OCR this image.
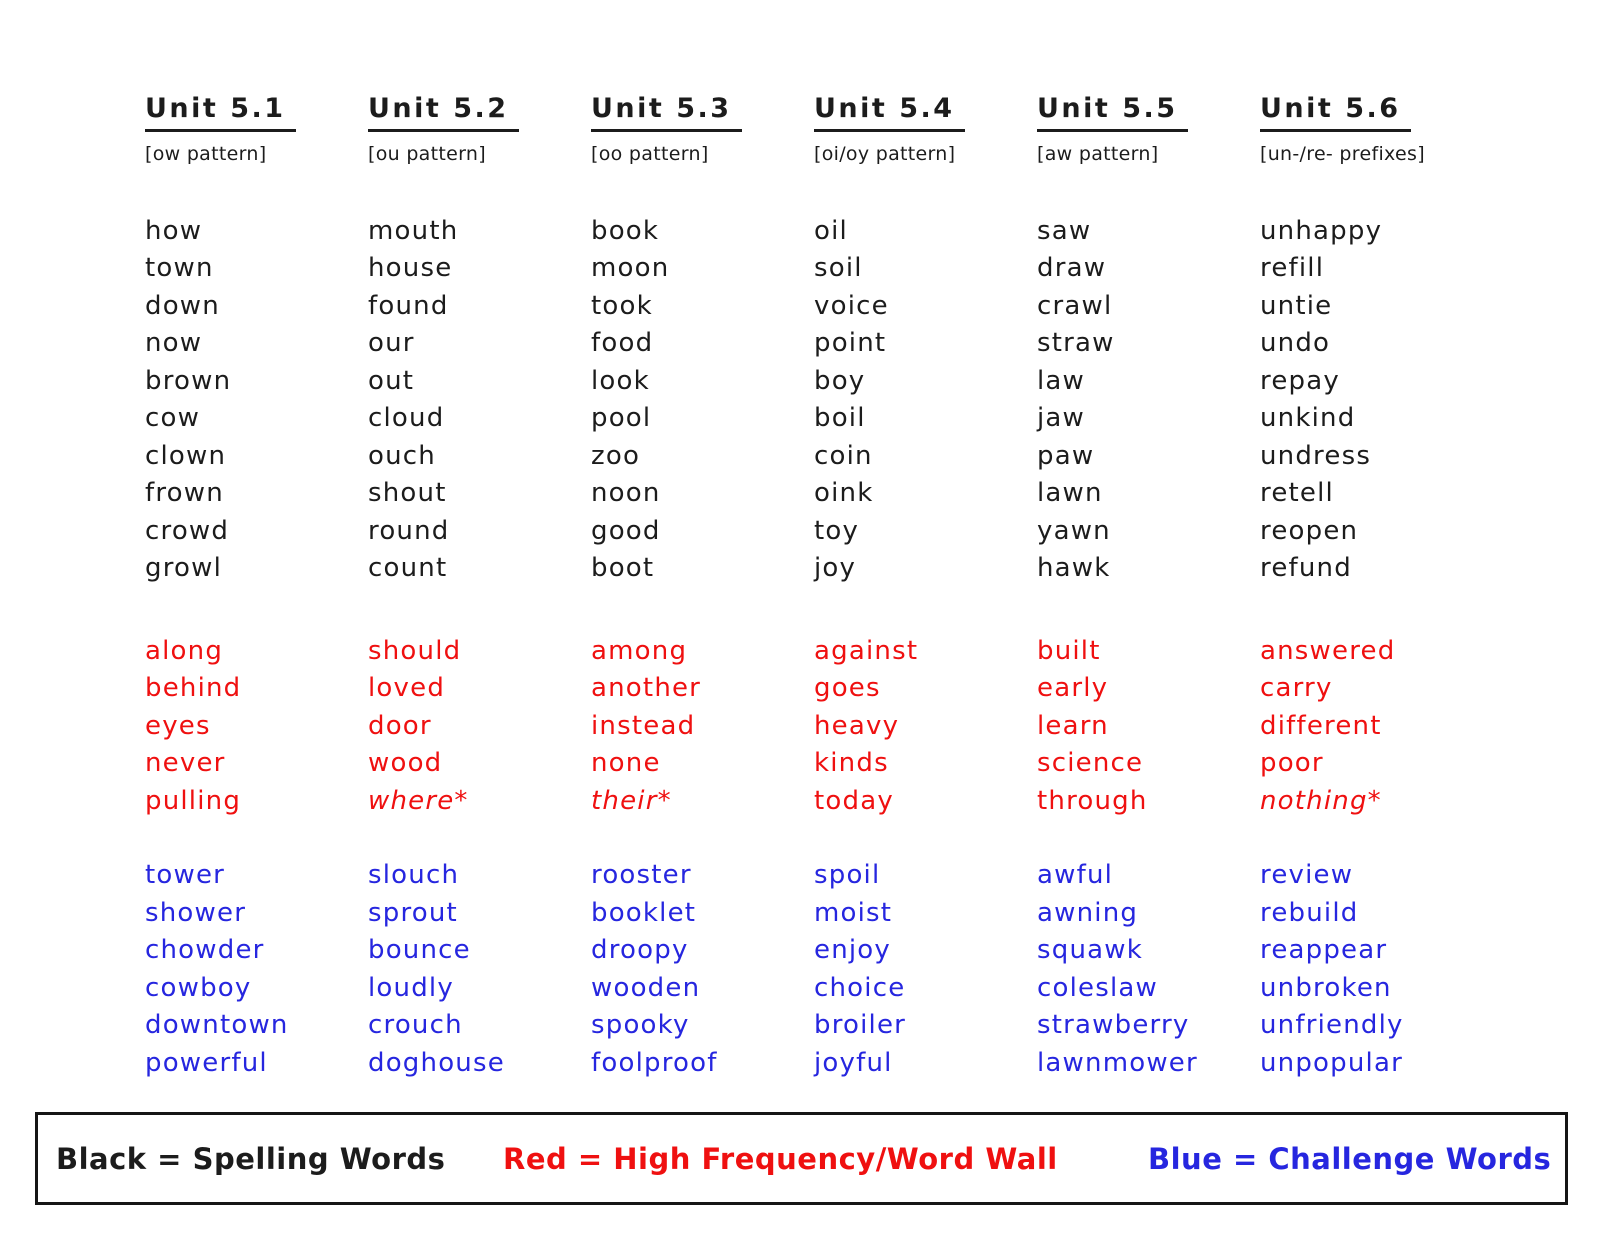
Unit 5.1
[ow pattern]
how
town
down
now
brown
cow
clown
frown
crowd
growl
along
behind
eyes
never
pulling
tower
shower
chowder
cowboy
downtown
powerful
Unit 5.2
[ou pattern]
mouth
house
found
our
out
cloud
ouch
shout
round
count
should
loved
door
wood
where*
slouch
sprout
bounce
loudly
crouch
doghouse
Unit 5.3
[oo pattern]
book
moon
took
food
look
pool
zoo
noon
good
boot
among
another
instead
none
their*
rooster
booklet
droopy
wooden
spooky
foolproof
Unit 5.4
[oi/oy pattern]
oil
soil
voice
point
boy
boil
coin
oink
toy
joy
against
goes
heavy
kinds
today
spoil
moist
enjoy
choice
broiler
joyful
Unit 5.5
[aw pattern]
saw
draw
crawl
straw
law
jaw
paw
lawn
yawn
hawk
built
early
learn
science
through
awful
awning
squawk
coleslaw
strawberry
lawnmower
Unit 5.6
[un-/re- prefixes]
unhappy
refill
untie
undo
repay
unkind
undress
retell
reopen
refund
answered
carry
different
poor
nothing*
review
rebuild
reappear
unbroken
unfriendly
unpopular
Black = Spelling Words Red = High Frequency/Word Wall	Blue = Challenge Words
